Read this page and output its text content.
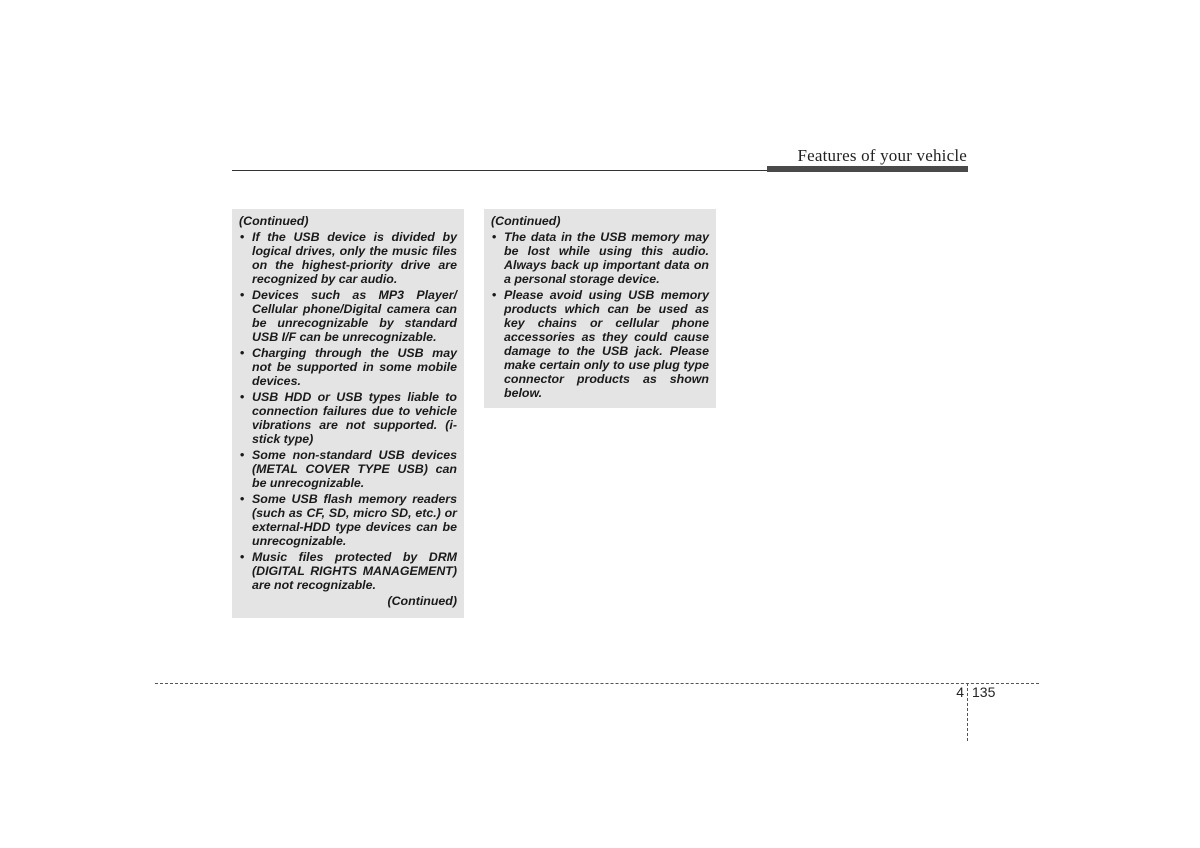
Features of your vehicle
(Continued)
• If the USB device is divided by logical drives, only the music files on the highest-priority drive are recognized by car audio.
• Devices such as MP3 Player/ Cellular phone/Digital camera can be unrecognizable by standard USB I/F can be unrecognizable.
• Charging through the USB may not be supported in some mobile devices.
• USB HDD or USB types liable to connection failures due to vehicle vibrations are not supported. (i-stick type)
• Some non-standard USB devices (METAL COVER TYPE USB) can be unrecognizable.
• Some USB flash memory readers (such as CF, SD, micro SD, etc.) or external-HDD type devices can be unrecognizable.
• Music files protected by DRM (DIGITAL RIGHTS MANAGEMENT) are not recognizable.
(Continued)
(Continued)
• The data in the USB memory may be lost while using this audio. Always back up important data on a personal storage device.
• Please avoid using USB memory products which can be used as key chains or cellular phone accessories as they could cause damage to the USB jack. Please make certain only to use plug type connector products as shown below.
4 135
